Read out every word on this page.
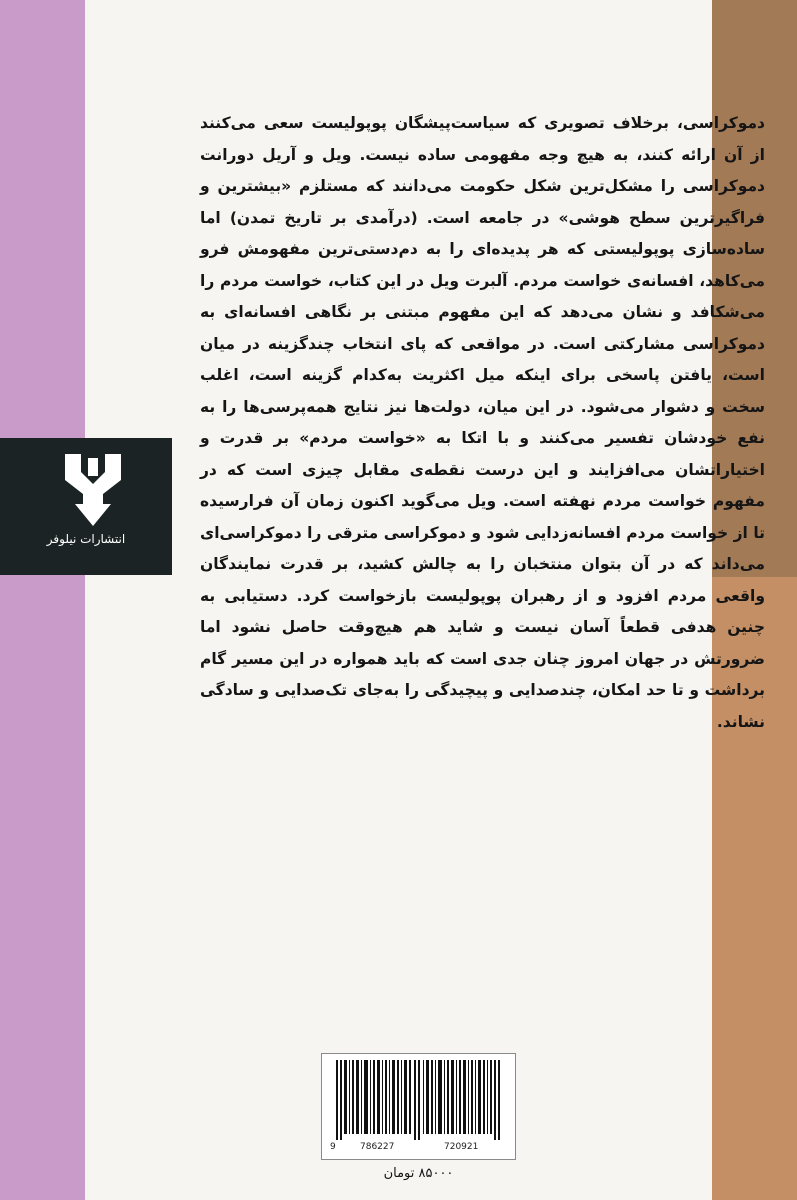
انتشارات نیلوفر
دموکراسی، برخلاف تصویری که سیاست‌پیشگان پوپولیست سعی می‌کنند از آن ارائه کنند، به هیچ وجه مفهومی ساده نیست. ویل و آریل دورانت دموکراسی را مشکل‌ترین شکل حکومت می‌دانند که مستلزم «بیشترین و فراگیرترین سطح هوشی» در جامعه است. (درآمدی بر تاریخ تمدن) اما ساده‌سازی پوپولیستی که هر پدیده‌ای را به دم‌دستی‌ترین مفهومش فرو می‌کاهد، افسانه‌ی خواست مردم. آلبرت ویل در این کتاب، خواست مردم را می‌شکافد و نشان می‌دهد که این مفهوم مبتنی بر نگاهی افسانه‌ای به دموکراسی مشارکتی است. در مواقعی که پای انتخاب چندگزینه در میان است، یافتن پاسخی برای اینکه میل اکثریت به‌کدام گزینه است، اغلب سخت و دشوار می‌شود. در این میان، دولت‌ها نیز نتایج همه‌پرسی‌ها را به نفع خودشان تفسیر می‌کنند و با اتکا به «خواست مردم» بر قدرت و اختیاراتشان می‌افزایند و این درست نقطه‌ی مقابل چیزی است که در مفهوم خواست مردم نهفته است. ویل می‌گوید اکنون زمان آن فرارسیده تا از خواست مردم افسانه‌زدایی شود و دموکراسی مترقی را دموکراسی‌ای می‌داند که در آن بتوان منتخبان را به چالش کشید، بر قدرت نمایندگان واقعی مردم افزود و از رهبران پوپولیست بازخواست کرد. دستیابی به چنین هدفی قطعاً آسان نیست و شاید هم هیچ‌وقت حاصل نشود اما ضرورتش در جهان امروز چنان جدی است که باید همواره در این مسیر گام برداشت و تا حد امکان، چندصدایی و پیچیدگی را به‌جای تک‌صدایی و سادگی نشاند.
9	786227	720921
۸۵۰۰۰ تومان
